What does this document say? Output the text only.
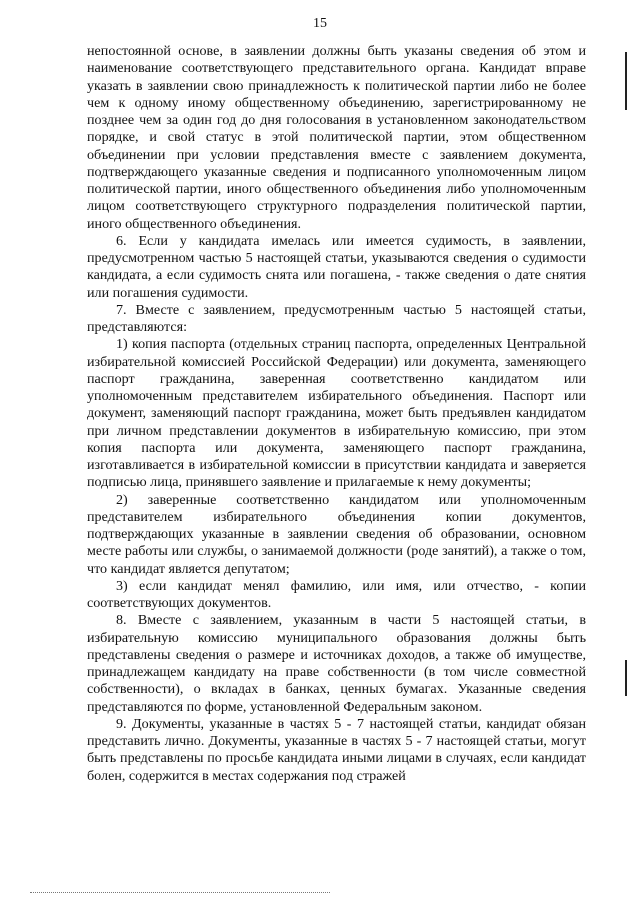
15

непостоянной основе, в заявлении должны быть указаны сведения об этом и наименование соответствующего представительного органа. Кандидат вправе указать в заявлении свою принадлежность к политической партии либо не более чем к одному иному общественному объединению, зарегистрированному не позднее чем за один год до дня голосования в установленном законодательством порядке, и свой статус в этой политической партии, этом общественном объединении при условии представления вместе с заявлением документа, подтверждающего указанные сведения и подписанного уполномоченным лицом политической партии, иного общественного объединения либо уполномоченным лицом соответствующего структурного подразделения политической партии, иного общественного объединения.

6. Если у кандидата имелась или имеется судимость, в заявлении, предусмотренном частью 5 настоящей статьи, указываются сведения о судимости кандидата, а если судимость снята или погашена, - также сведения о дате снятия или погашения судимости.

7. Вместе с заявлением, предусмотренным частью 5 настоящей статьи, представляются:

1) копия паспорта (отдельных страниц паспорта, определенных Центральной избирательной комиссией Российской Федерации) или документа, заменяющего паспорт гражданина, заверенная соответственно кандидатом или уполномоченным представителем избирательного объединения. Паспорт или документ, заменяющий паспорт гражданина, может быть предъявлен кандидатом при личном представлении документов в избирательную комиссию, при этом копия паспорта или документа, заменяющего паспорт гражданина, изготавливается в избирательной комиссии в присутствии кандидата и заверяется подписью лица, принявшего заявление и прилагаемые к нему документы;

2) заверенные соответственно кандидатом или уполномоченным представителем избирательного объединения копии документов, подтверждающих указанные в заявлении сведения об образовании, основном месте работы или службы, о занимаемой должности (роде занятий), а также о том, что кандидат является депутатом;

3) если кандидат менял фамилию, или имя, или отчество, - копии соответствующих документов.

8. Вместе с заявлением, указанным в части 5 настоящей статьи, в избирательную комиссию муниципального образования должны быть представлены сведения о размере и источниках доходов, а также об имуществе, принадлежащем кандидату на праве собственности (в том числе совместной собственности), о вкладах в банках, ценных бумагах. Указанные сведения представляются по форме, установленной Федеральным законом.

9. Документы, указанные в частях 5 - 7 настоящей статьи, кандидат обязан представить лично. Документы, указанные в частях 5 - 7 настоящей статьи, могут быть представлены по просьбе кандидата иными лицами в случаях, если кандидат болен, содержится в местах содержания под стражей
